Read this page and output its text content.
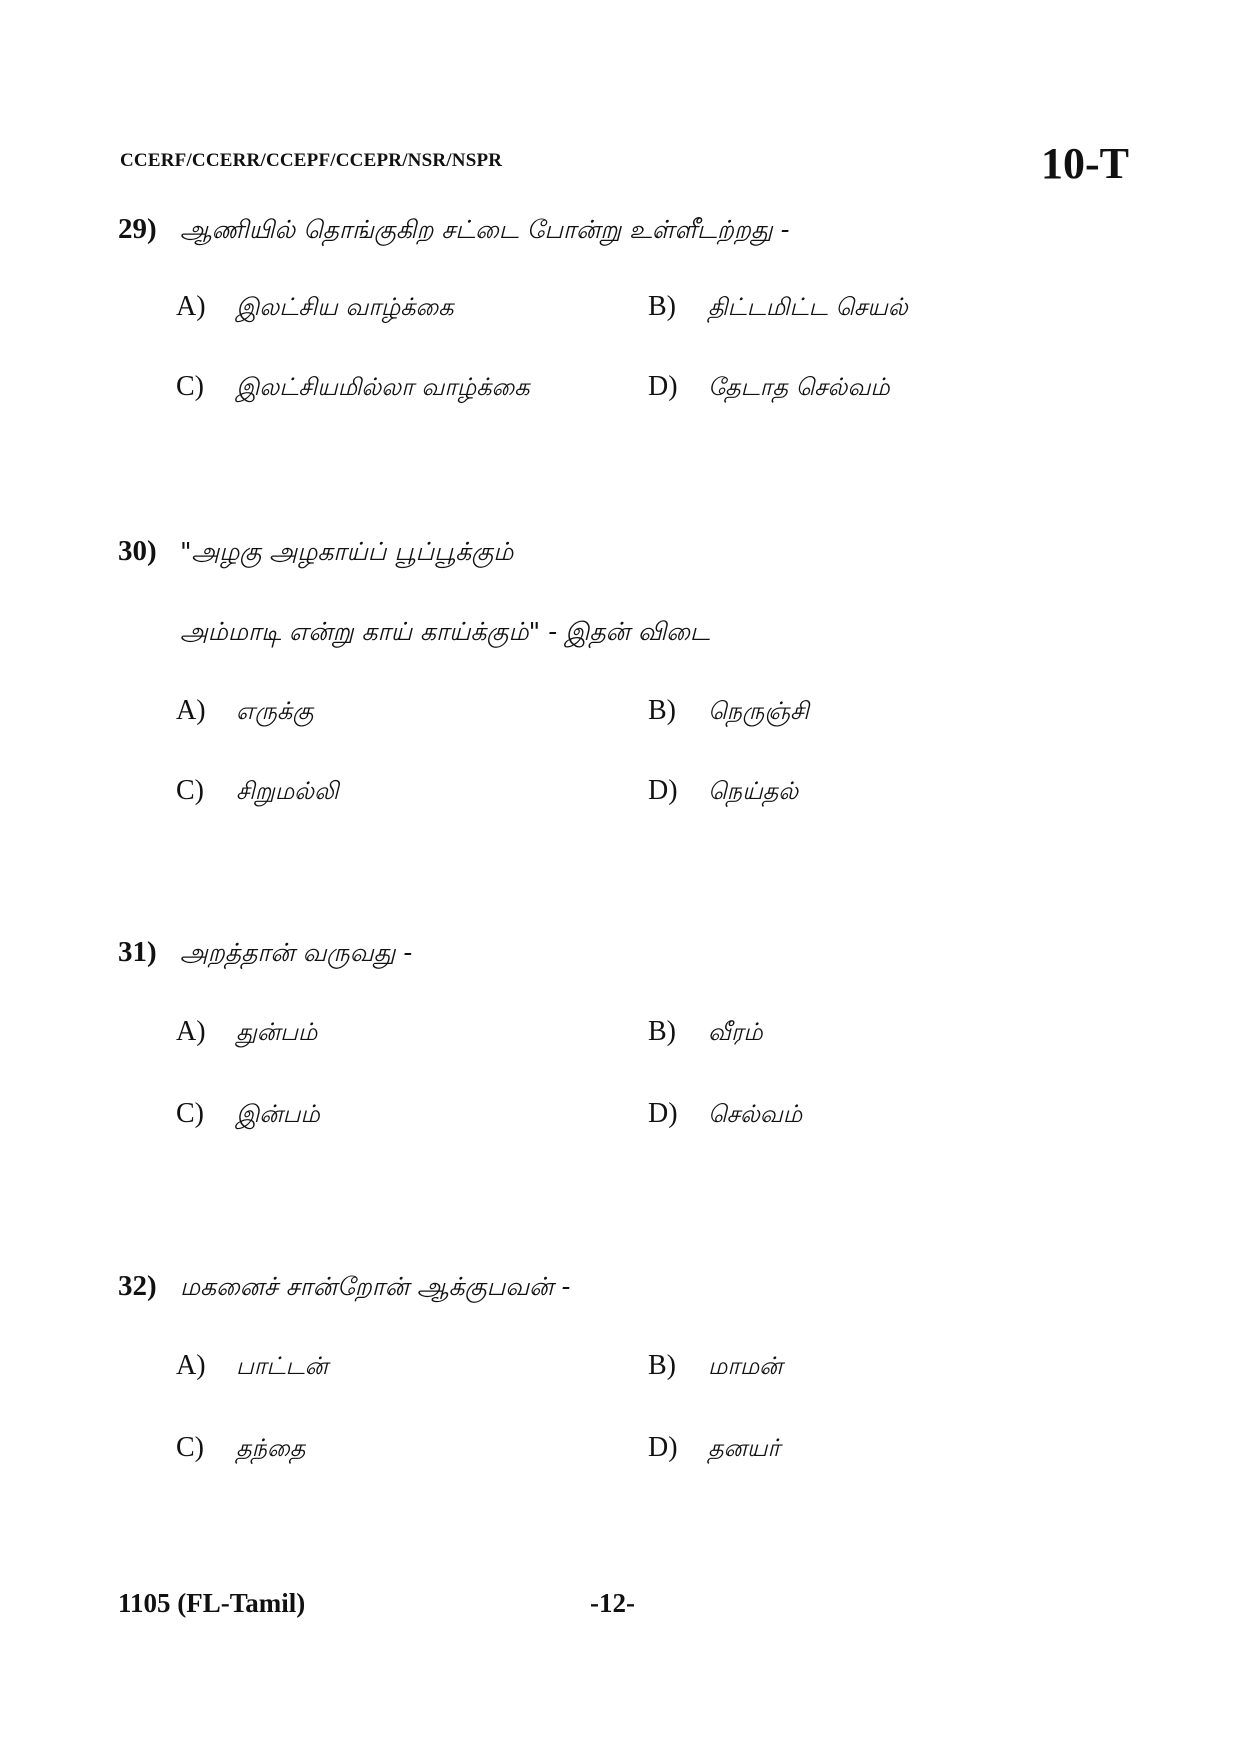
CCERF/CCERR/CCEPF/CCEPR/NSR/NSPR	10-T
29) ஆணியில் தொங்குகிற சட்டை போன்று உள்ளீடற்றது -
A) இலட்சிய வாழ்க்கை	B) திட்டமிட்ட செயல்
C) இலட்சியமில்லா வாழ்க்கை	D) தேடாத செல்வம்
30) "அழகு அழகாய்ப் பூப்பூக்கும்
அம்மாடி என்று காய் காய்க்கும்" - இதன் விடை
A) எருக்கு	B) நெருஞ்சி
C) சிறுமல்லி	D) நெய்தல்
31) அறத்தான் வருவது -
A) துன்பம்	B) வீரம்
C) இன்பம்	D) செல்வம்
32) மகனைச் சான்றோன் ஆக்குபவன் -
A) பாட்டன்	B) மாமன்
C) தந்தை	D) தனயர்
1105 (FL-Tamil)	-12-
